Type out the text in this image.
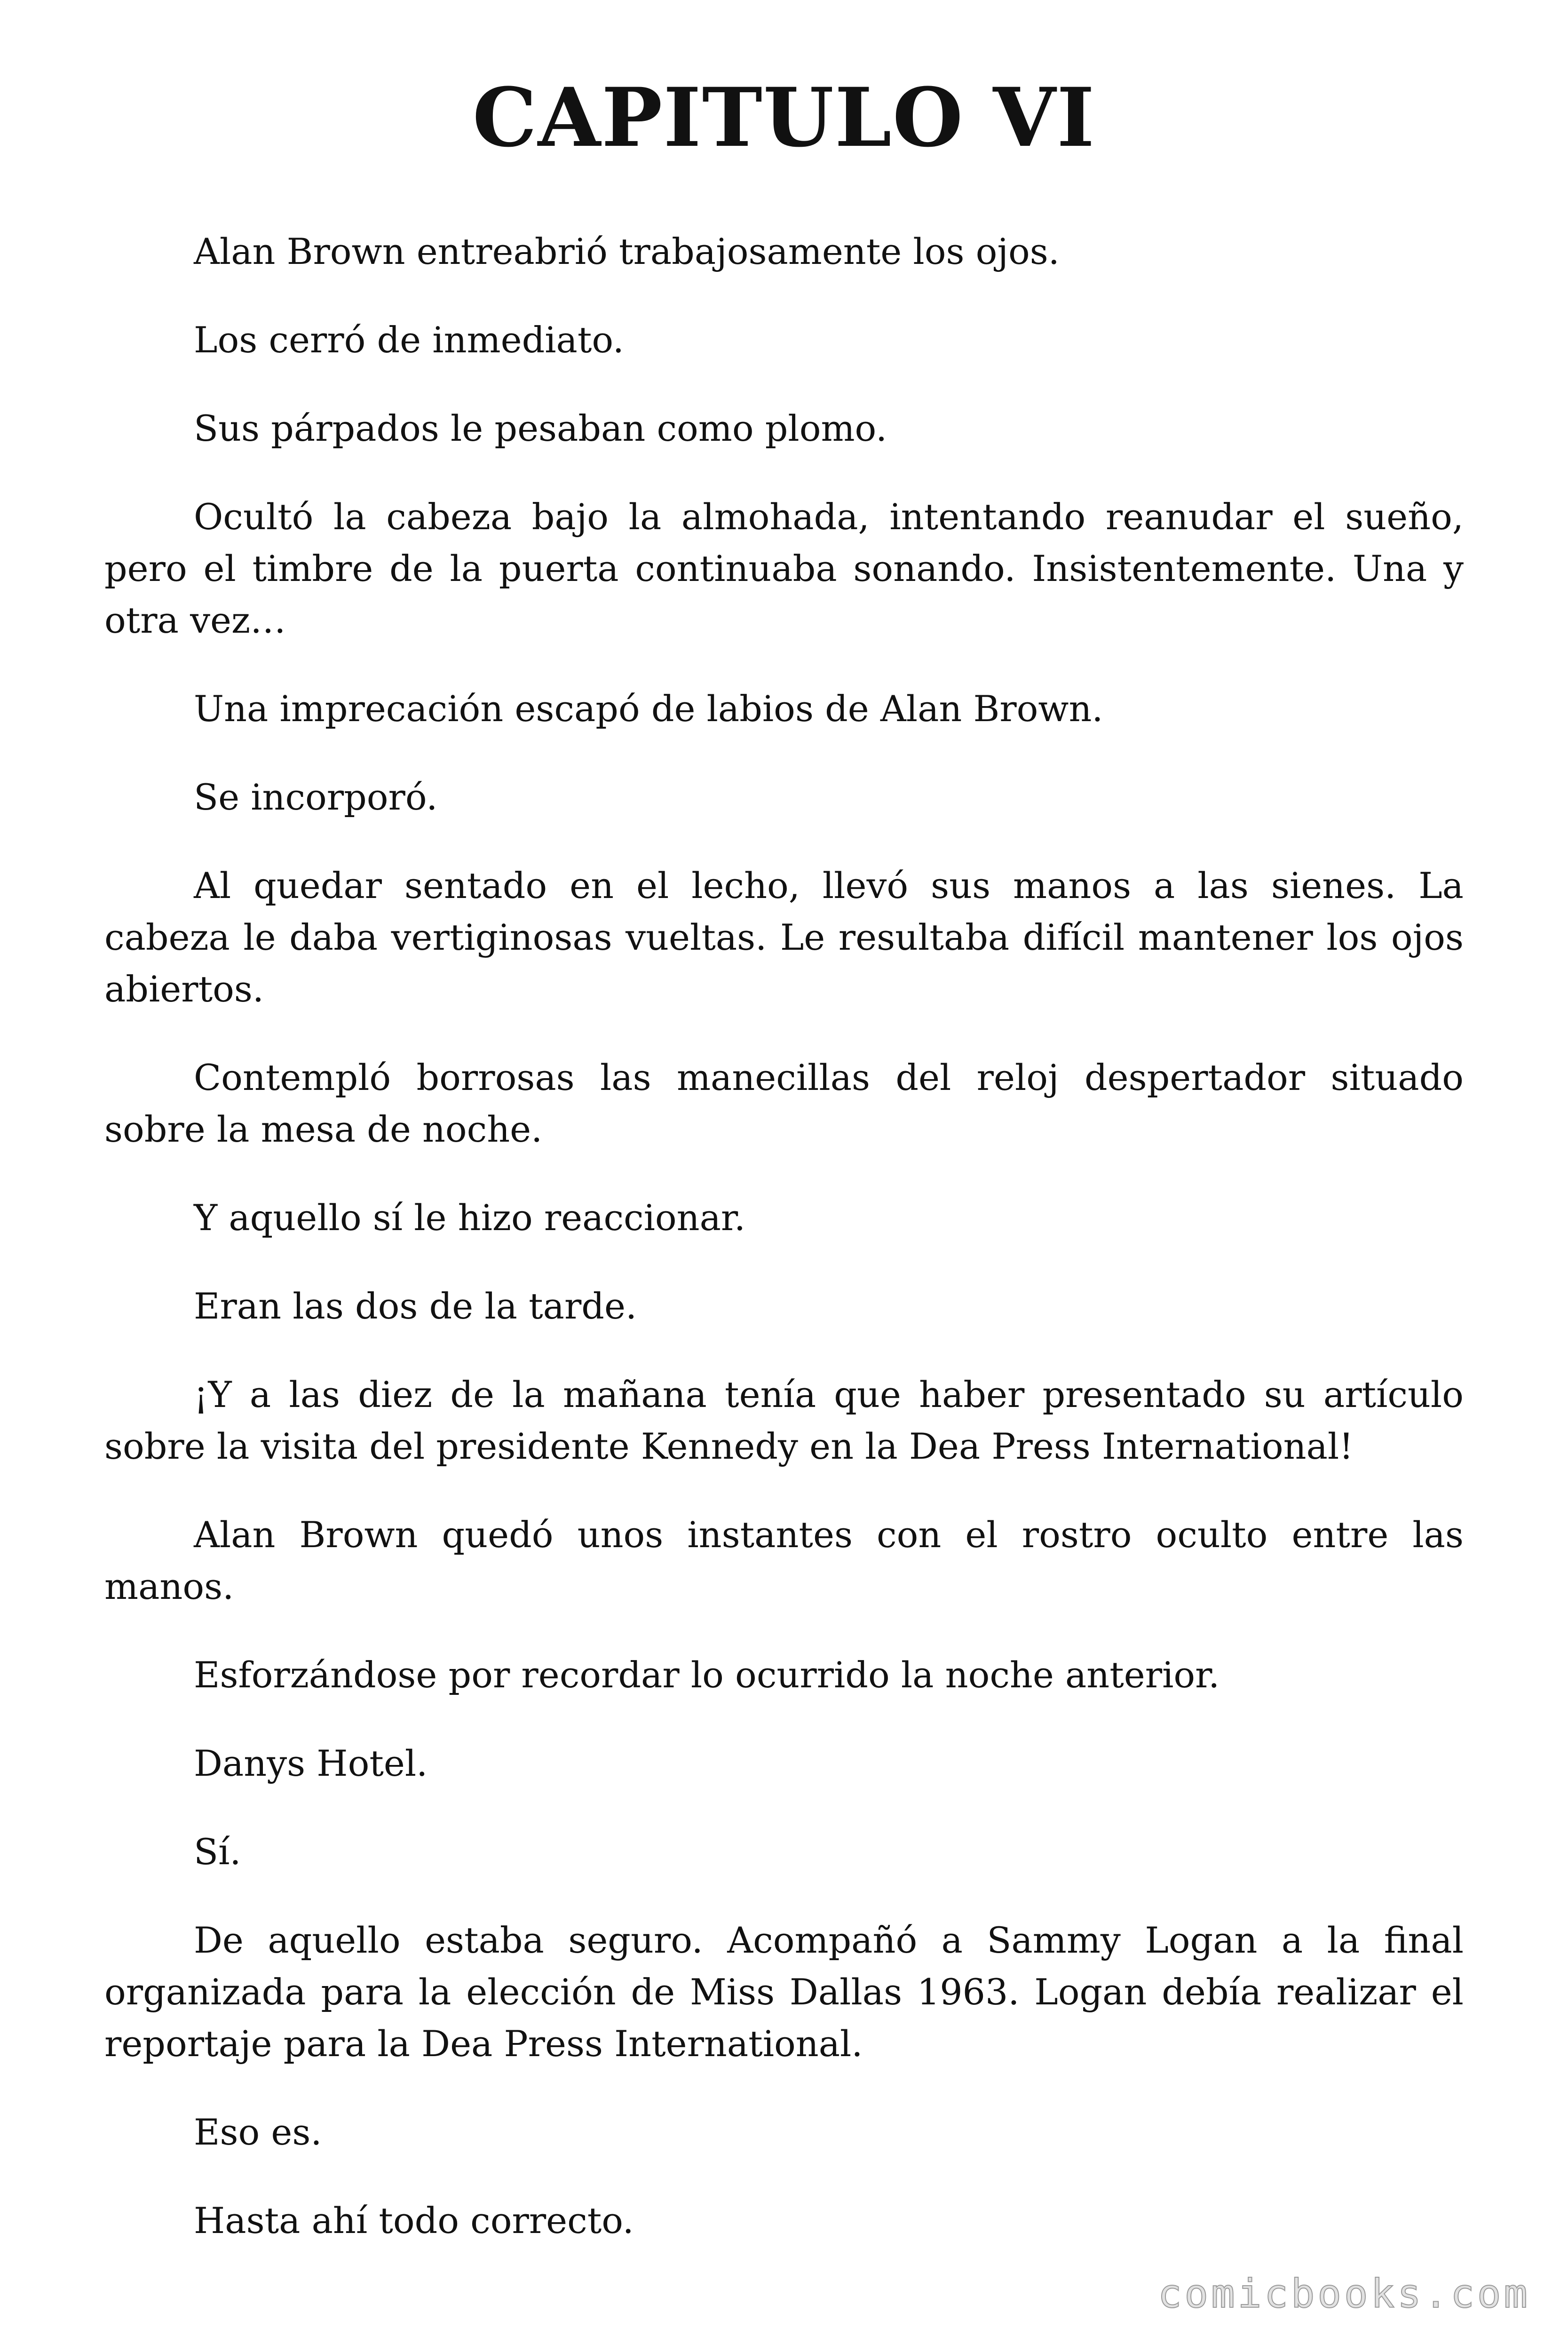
CAPITULO VI

Alan Brown entreabrió trabajosamente los ojos.

Los cerró de inmediato.

Sus párpados le pesaban como plomo.

Ocultó la cabeza bajo la almohada, intentando reanudar el sueño, pero el timbre de la puerta continuaba sonando. Insistentemente. Una y otra vez…

Una imprecación escapó de labios de Alan Brown.

Se incorporó.

Al quedar sentado en el lecho, llevó sus manos a las sienes. La cabeza le daba vertiginosas vueltas. Le resultaba difícil mantener los ojos abiertos.

Contempló borrosas las manecillas del reloj despertador situado sobre la mesa de noche.

Y aquello sí le hizo reaccionar.

Eran las dos de la tarde.

¡Y a las diez de la mañana tenía que haber presentado su artículo sobre la visita del presidente Kennedy en la Dea Press International!

Alan Brown quedó unos instantes con el rostro oculto entre las manos.

Esforzándose por recordar lo ocurrido la noche anterior.

Danys Hotel.

Sí.

De aquello estaba seguro. Acompañó a Sammy Logan a la final organizada para la elección de Miss Dallas 1963. Logan debía realizar el reportaje para la Dea Press International.

Eso es.

Hasta ahí todo correcto.

comicbooks.com
